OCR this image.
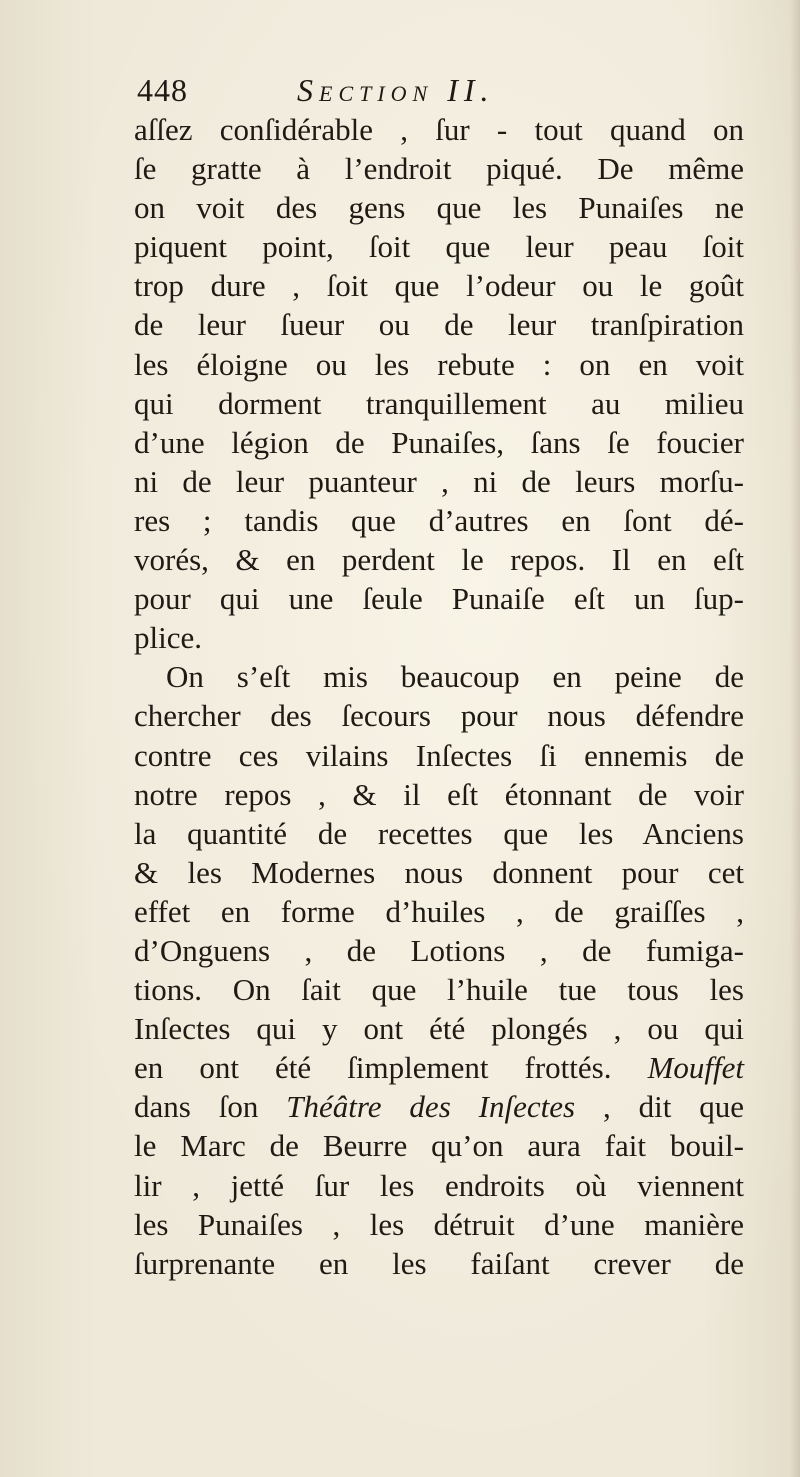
448	Section II.
aſſez conſidérable , ſur - tout quand on
ſe gratte à l’endroit piqué. De même
on voit des gens que les Punaiſes ne
piquent point, ſoit que leur peau ſoit
trop dure , ſoit que l’odeur ou le goût
de leur ſueur ou de leur tranſpiration
les éloigne ou les rebute : on en voit
qui dorment tranquillement au milieu
d’une légion de Punaiſes, ſans ſe foucier
ni de leur puanteur , ni de leurs morſu-
res ; tandis que d’autres en ſont dé-
vorés, & en perdent le repos. Il en eſt
pour qui une ſeule Punaiſe eſt un ſup-
plice.
On s’eſt mis beaucoup en peine de
chercher des ſecours pour nous défendre
contre ces vilains Inſectes ſi ennemis de
notre repos , & il eſt étonnant de voir
la quantité de recettes que les Anciens
& les Modernes nous donnent pour cet
effet en forme d’huiles , de graiſſes ,
d’Onguens , de Lotions , de fumiga-
tions. On ſait que l’huile tue tous les
Inſectes qui y ont été plongés , ou qui
en ont été ſimplement frottés. Mouffet
dans ſon Théâtre des Inſectes , dit que
le Marc de Beurre qu’on aura fait bouil-
lir , jetté ſur les endroits où viennent
les Punaiſes , les détruit d’une manière
ſurprenante en les faiſant crever de
